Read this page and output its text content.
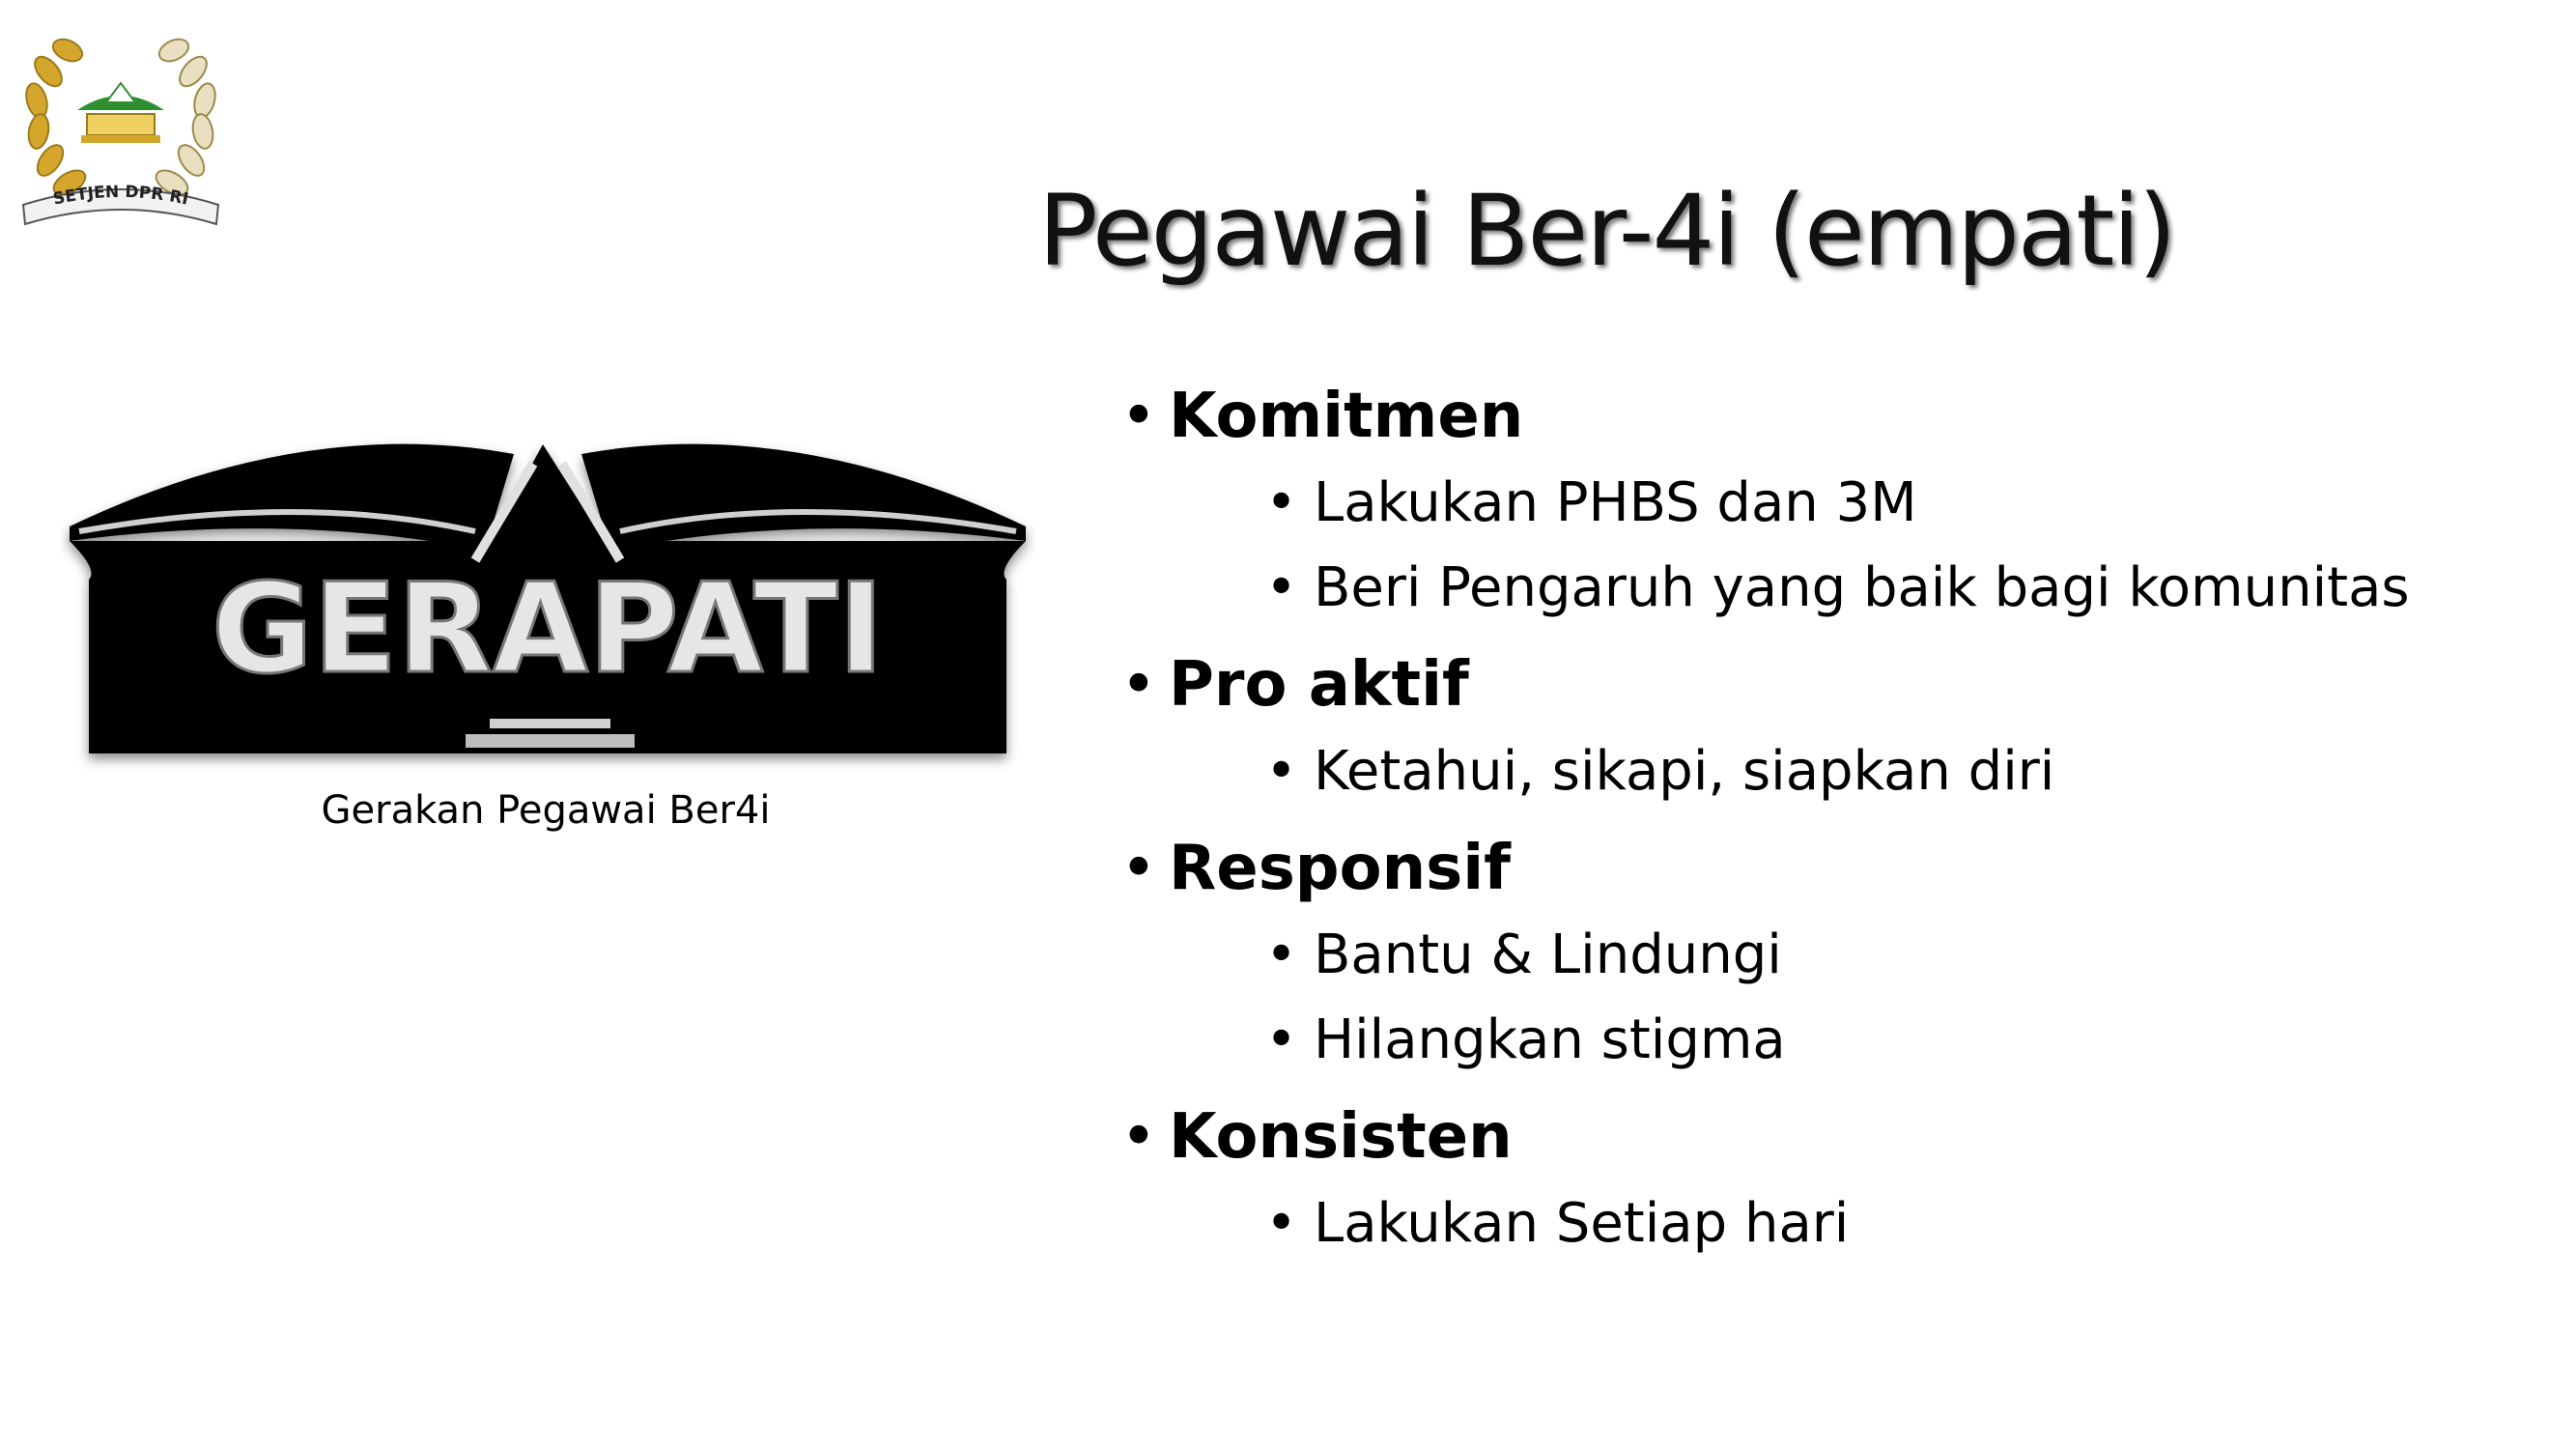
SETJEN DPR RI	Pegawai Ber-4i (empati)
GERAPATI
Gerakan Pegawai Ber4i
• Komitmen
• Lakukan PHBS dan 3M
• Beri Pengaruh yang baik bagi komunitas
• Pro aktif
• Ketahui, sikapi, siapkan diri
• Responsif
• Bantu & Lindungi
• Hilangkan stigma
• Konsisten
• Lakukan Setiap hari
